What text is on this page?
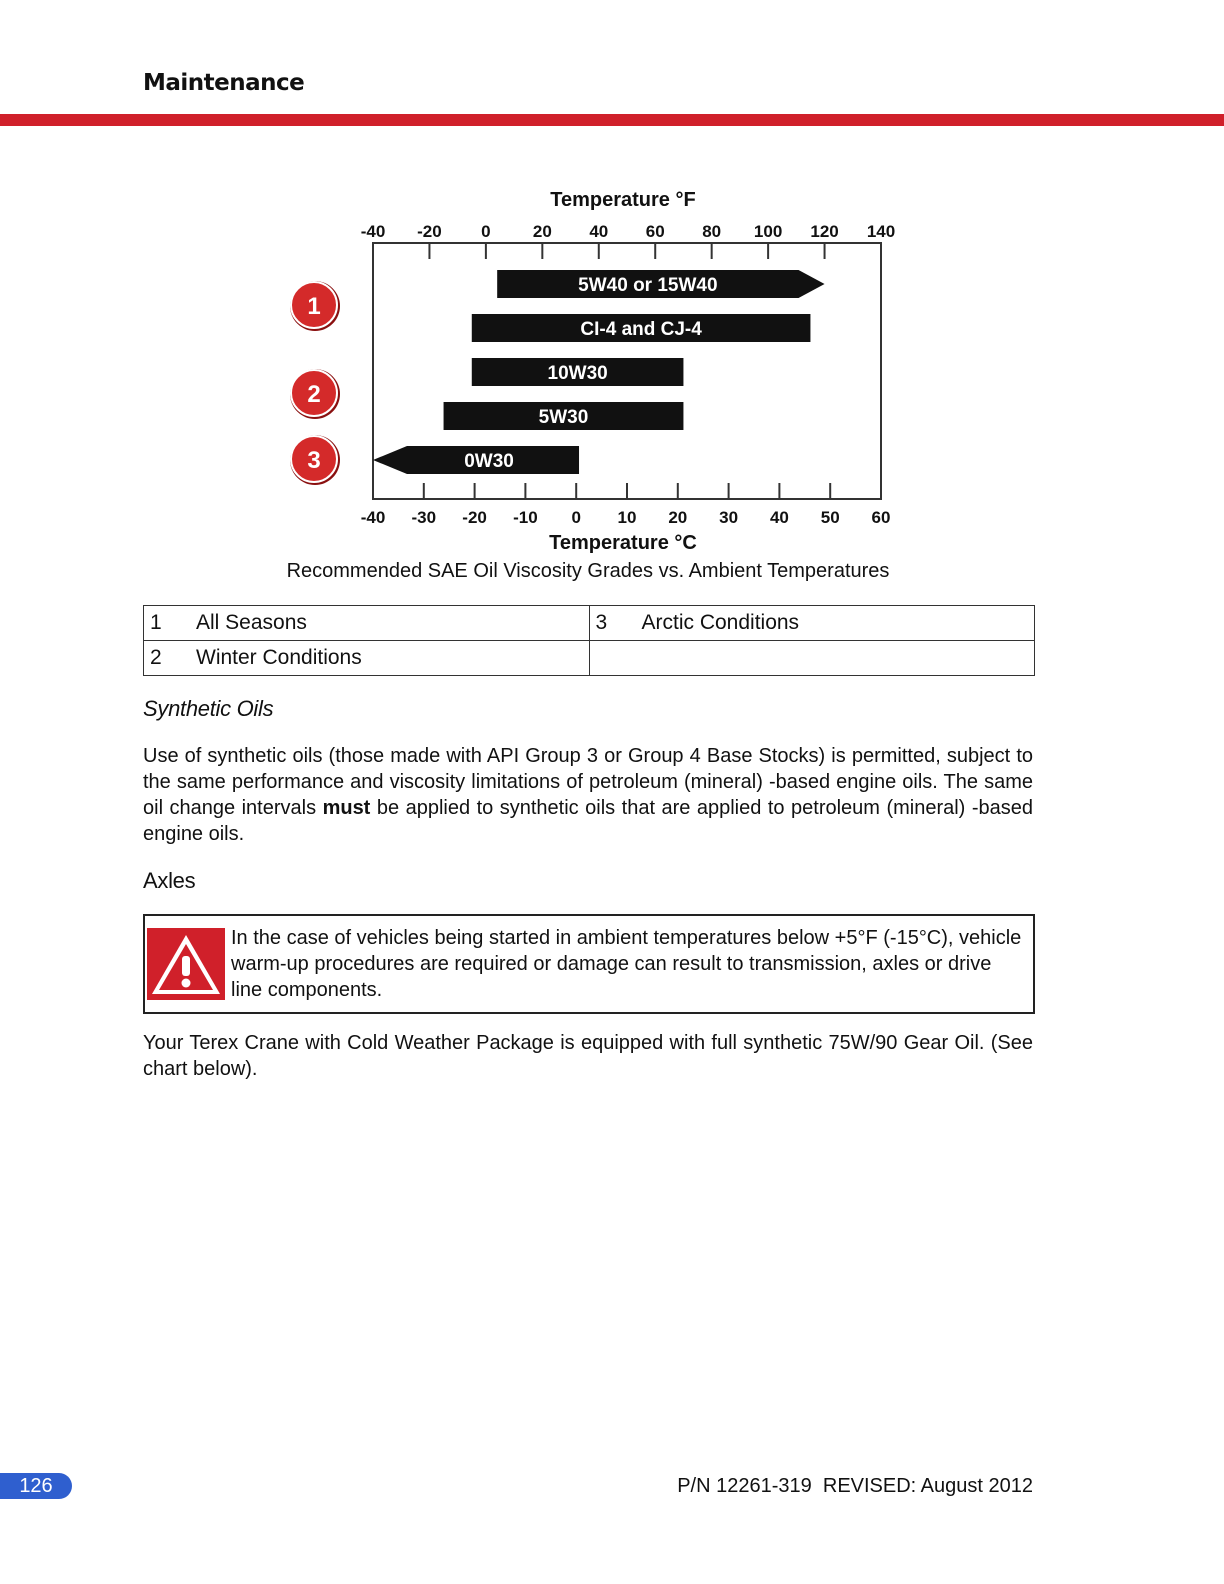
Maintenance
Temperature °F
Temperature °C
-40 -20 0 20 40 60 80 100 120 140
-40 -30 -20 -10 0 10 20 30 40 50 60
5W40 or 15W40
CI-4 and CJ-4
10W30
5W30
0W30
1
2
3
Recommended SAE Oil Viscosity Grades vs. Ambient Temperatures
1 All Seasons	3 Arctic Conditions
2 Winter Conditions	
Synthetic Oils
Use of synthetic oils (those made with API Group 3 or Group 4 Base Stocks) is permitted, subject to the same performance and viscosity limitations of petroleum (mineral) -based engine oils. The same oil change intervals must be applied to synthetic oils that are applied to petroleum (mineral) -based engine oils.
Axles
In the case of vehicles being started in ambient temperatures below +5°F (-15°C), vehicle warm-up procedures are required or damage can result to transmission, axles or drive line components.
Your Terex Crane with Cold Weather Package is equipped with full synthetic 75W/90 Gear Oil. (See chart below).
126	P/N 12261-319  REVISED: August 2012
